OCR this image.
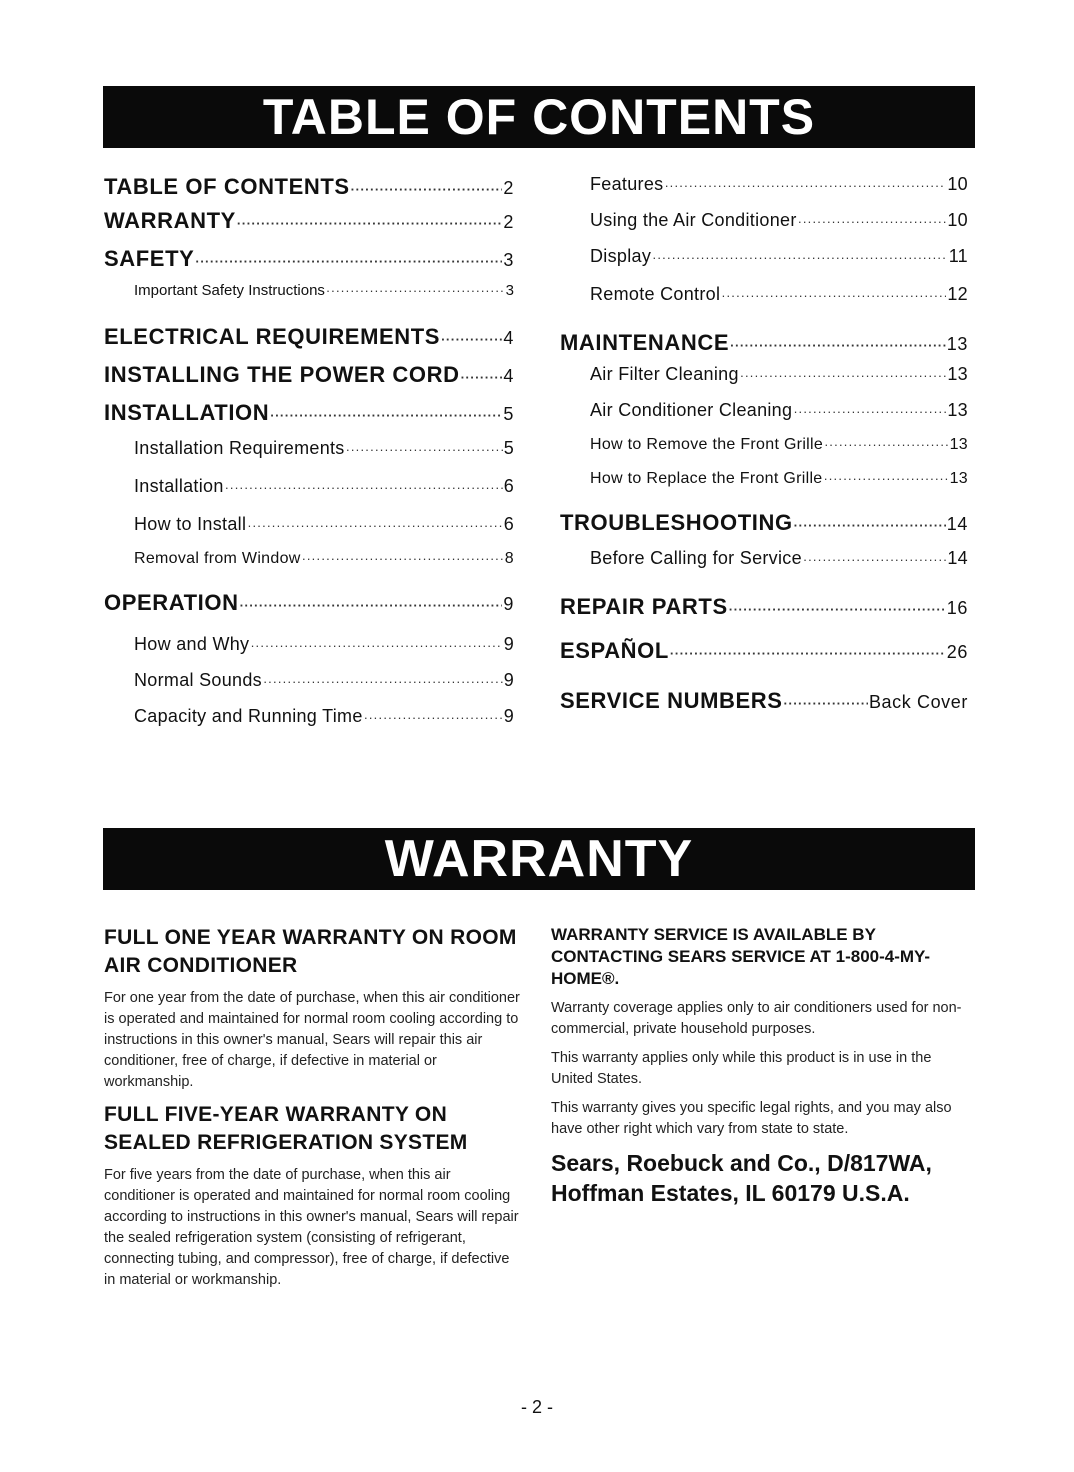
TABLE OF CONTENTS
TABLE OF CONTENTS ·····	2
WARRANTY ·····	2
SAFETY ·····	3
Important Safety Instructions ·····	3
ELECTRICAL REQUIREMENTS ·····	4
INSTALLING THE POWER CORD ····· 4
INSTALLATION ·····	5
Installation Requirements ·····	5
Installation ·····	6
How to Install ·····	6
Removal from Window ·····	8
OPERATION ·····	9
How and Why ·····	9
Normal Sounds ·····	9
Capacity and Running Time ·····	9
Features ·····	10
Using the Air Conditioner ·····	10
Display ·····	11
Remote Control ·····	12
MAINTENANCE ·····	13
Air Filter Cleaning ·····	13
Air Conditioner Cleaning ·····	13
How to Remove the Front Grille ·····	13
How to Replace the Front Grille ·····	13
TROUBLESHOOTING ·····	14
Before Calling for Service ·····	14
REPAIR PARTS ·····	16
ESPAÑOL ·····	26
SERVICE NUMBERS ·····	Back Cover
WARRANTY
FULL ONE YEAR WARRANTY ON ROOM AIR CONDITIONER
For one year from the date of purchase, when this air conditioner is operated and maintained for normal room cooling according to instructions in this owner's manual, Sears will repair this air conditioner, free of charge, if defective in material or workmanship.
FULL FIVE-YEAR WARRANTY ON SEALED REFRIGERATION SYSTEM
For five years from the date of purchase, when this air conditioner is operated and maintained for normal room cooling according to instructions in this owner's manual, Sears will repair the sealed refrigeration system (consisting of refrigerant, connecting tubing, and compressor), free of charge, if defective in material or workmanship.
WARRANTY SERVICE IS AVAILABLE BY CONTACTING SEARS SERVICE AT 1-800-4-MY-HOME®.
Warranty coverage applies only to air conditioners used for non-commercial, private household purposes.
This warranty applies only while this product is in use in the United States.
This warranty gives you specific legal rights, and you may also have other right which vary from state to state.
Sears, Roebuck and Co., D/817WA, Hoffman Estates, IL 60179 U.S.A.
- 2 -
